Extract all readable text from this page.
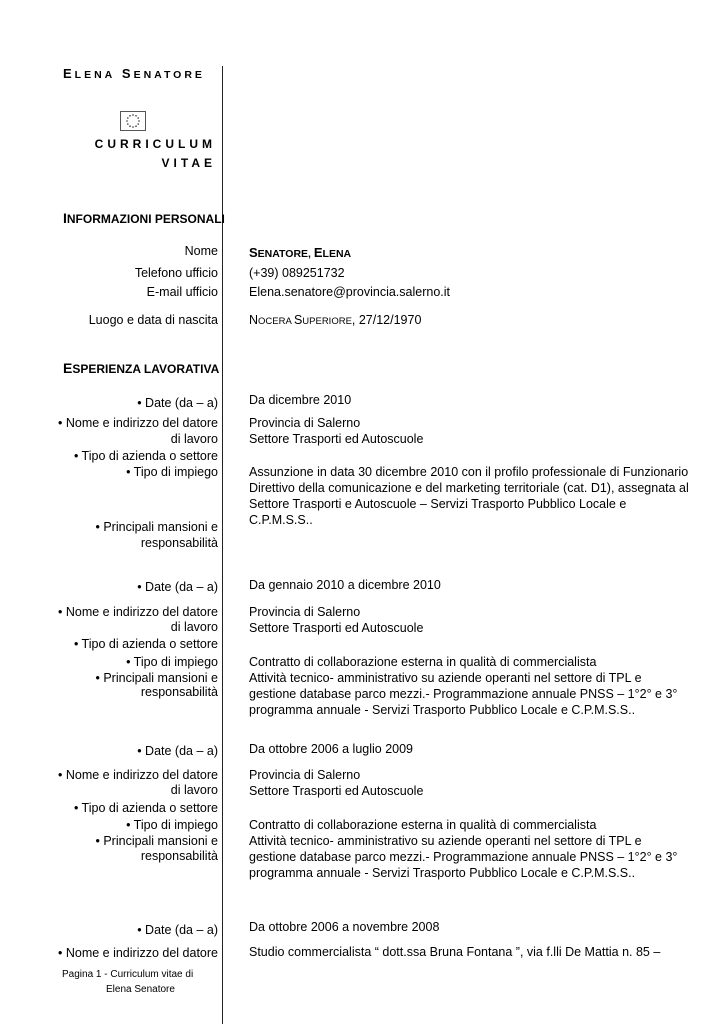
ELENA SENATORE
CURRICULUM
VITAE
INFORMAZIONI PERSONALI
Nome SENATORE, ELENA
Telefono ufficio (+39) 089251732
E-mail ufficio Elena.senatore@provincia.salerno.it
Luogo e data di nascita NOCERA SUPERIORE, 27/12/1970
ESPERIENZA LAVORATIVA
• Date (da – a) Da dicembre 2010
• Nome e indirizzo del datore
di lavoro
Provincia di Salerno
Settore Trasporti ed Autoscuole
• Tipo di azienda o settore
• Tipo di impiego Assunzione in data 30 dicembre 2010 con il profilo professionale di Funzionario Direttivo della comunicazione e del marketing territoriale (cat. D1), assegnata al Settore Trasporti e Autoscuole – Servizi Trasporto Pubblico Locale e C.P.M.S.S..
• Principali mansioni e
responsabilità
• Date (da – a) Da gennaio 2010 a dicembre 2010
• Nome e indirizzo del datore
di lavoro
Provincia di Salerno
Settore Trasporti ed Autoscuole
• Tipo di azienda o settore
• Tipo di impiego Contratto di collaborazione esterna in qualità di commercialista
• Principali mansioni e
responsabilità
Attività tecnico- amministrativo su aziende operanti nel settore di TPL e gestione database parco mezzi.- Programmazione annuale PNSS – 1°2° e 3° programma annuale - Servizi Trasporto Pubblico Locale e C.P.M.S.S..
• Date (da – a) Da ottobre 2006 a luglio 2009
• Nome e indirizzo del datore
di lavoro
Provincia di Salerno
Settore Trasporti ed Autoscuole
• Tipo di azienda o settore
• Tipo di impiego Contratto di collaborazione esterna in qualità di commercialista
• Principali mansioni e
responsabilità
Attività tecnico- amministrativo su aziende operanti nel settore di TPL e gestione database parco mezzi.- Programmazione annuale PNSS – 1°2° e 3° programma annuale - Servizi Trasporto Pubblico Locale e C.P.M.S.S..
• Date (da – a) Da ottobre 2006 a novembre 2008
• Nome e indirizzo del datore Studio commercialista “ dott.ssa Bruna Fontana ”, via f.lli De Mattia n. 85 –
Pagina 1 - Curriculum vitae di

Elena Senatore
